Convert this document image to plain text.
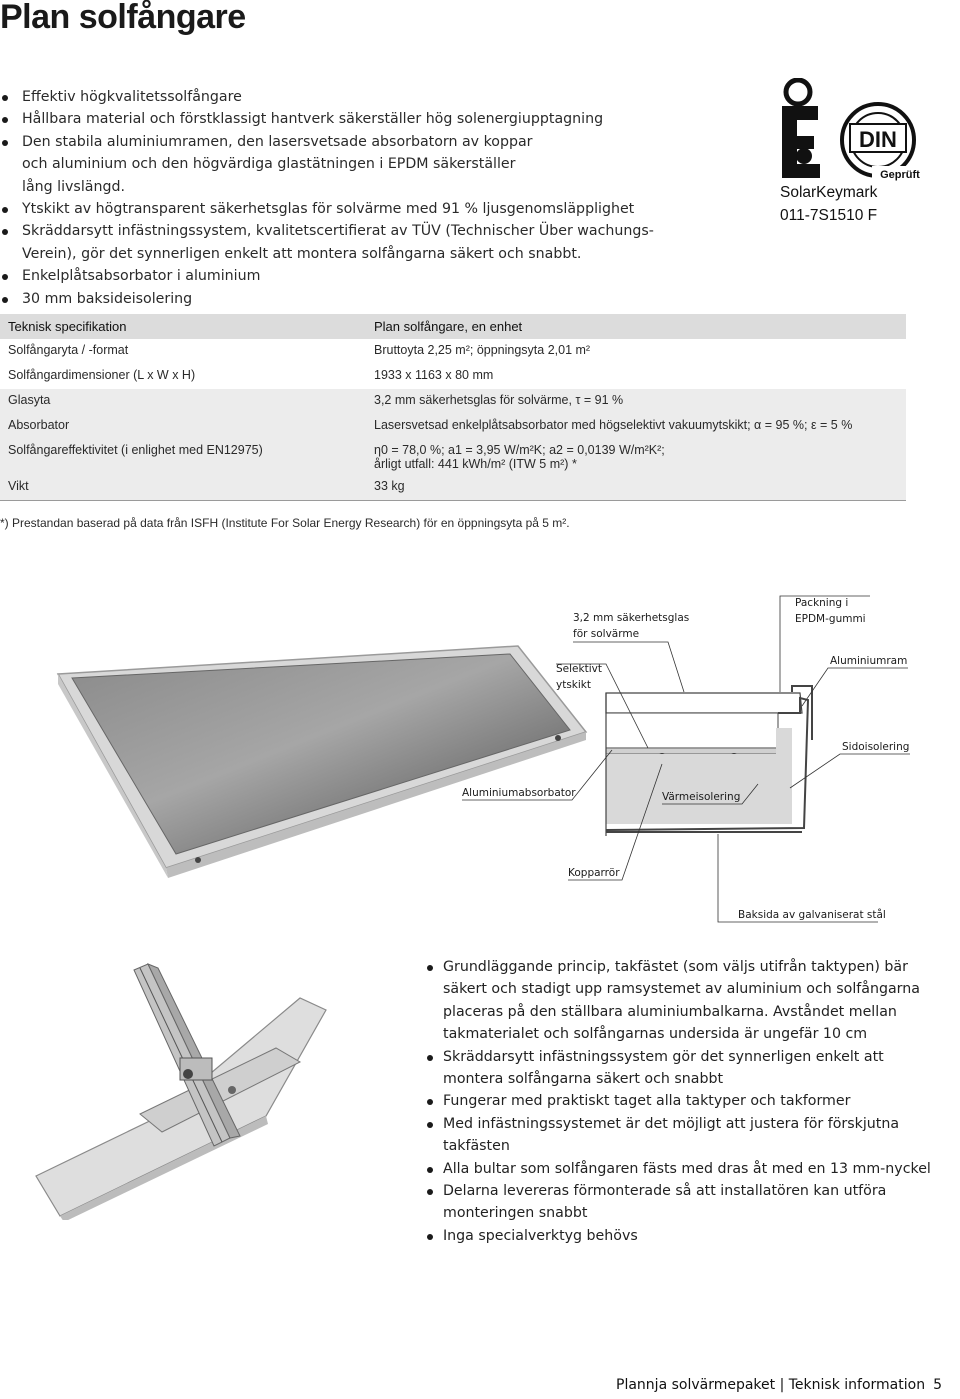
Plan solfångare
Effektiv högkvalitetssolfångare
Hållbara material och förstklassigt hantverk säkerställer hög solenergiupptagning
Den stabila aluminiumramen, den lasersvetsade absorbatorn av koppar och aluminium och den högvärdiga glastätningen i EPDM säkerställer lång livslängd.
Ytskikt av högtransparent säkerhetsglas för solvärme med 91 % ljusgenomsläpplighet
Skräddarsytt infästningssystem, kvalitetscertifierat av TÜV (Technischer Über wachungs-Verein), gör det synnerligen enkelt att montera solfångarna säkert och snabbt.
Enkelplåtsabsorbator i aluminium
30 mm baksideisolering
DIN
Geprüft
SolarKeymark
011-7S1510 F
Teknisk specifikation	Plan solfångare, en enhet
Solfångaryta / -format	Bruttoyta 2,25 m²; öppningsyta 2,01 m²
Solfångardimensioner (L x W x H)	1933 x 1163 x 80 mm
Glasyta	3,2 mm säkerhetsglas för solvärme, τ = 91 %
Absorbator	Lasersvetsad enkelplåtsabsorbator med högselektivt vakuumytskikt; α = 95 %; ε = 5 %
Solfångareffektivitet (i enlighet med EN12975)	η0 = 78,0 %; a1 = 3,95 W/m²K; a2 = 0,0139 W/m²K²;
årligt utfall: 441 kWh/m² (ITW 5 m²) *

Vikt	33 kg
*) Prestandan baserad på data från ISFH (Institute For Solar Energy Research) för en öppningsyta på 5 m².
3,2 mm säkerhetsglas
för solvärme
Packning i
EPDM-gummi
Selektivt
ytskikt
Aluminiumram
Sidoisolering
Aluminiumabsorbator	Värmeisolering
Kopparrör
Baksida av galvaniserat stål
Grundläggande princip, takfästet (som väljs utifrån taktypen) bär säkert och stadigt upp ramsystemet av aluminium och solfångarna placeras på den ställbara aluminiumbalkarna. Avståndet mellan takmaterialet och solfångarnas undersida är ungefär 10 cm
Skräddarsytt infästningssystem gör det synnerligen enkelt att montera solfångarna säkert och snabbt
Fungerar med praktiskt taget alla taktyper och takformer
Med infästningssystemet är det möjligt att justera för förskjutna takfästen
Alla bultar som solfångaren fästs med dras åt med en 13 mm-nyckel
Delarna levereras förmonterade så att installatören kan utföra monteringen snabbt
Inga specialverktyg behövs
Plannja solvärmepaket | Teknisk information 5
